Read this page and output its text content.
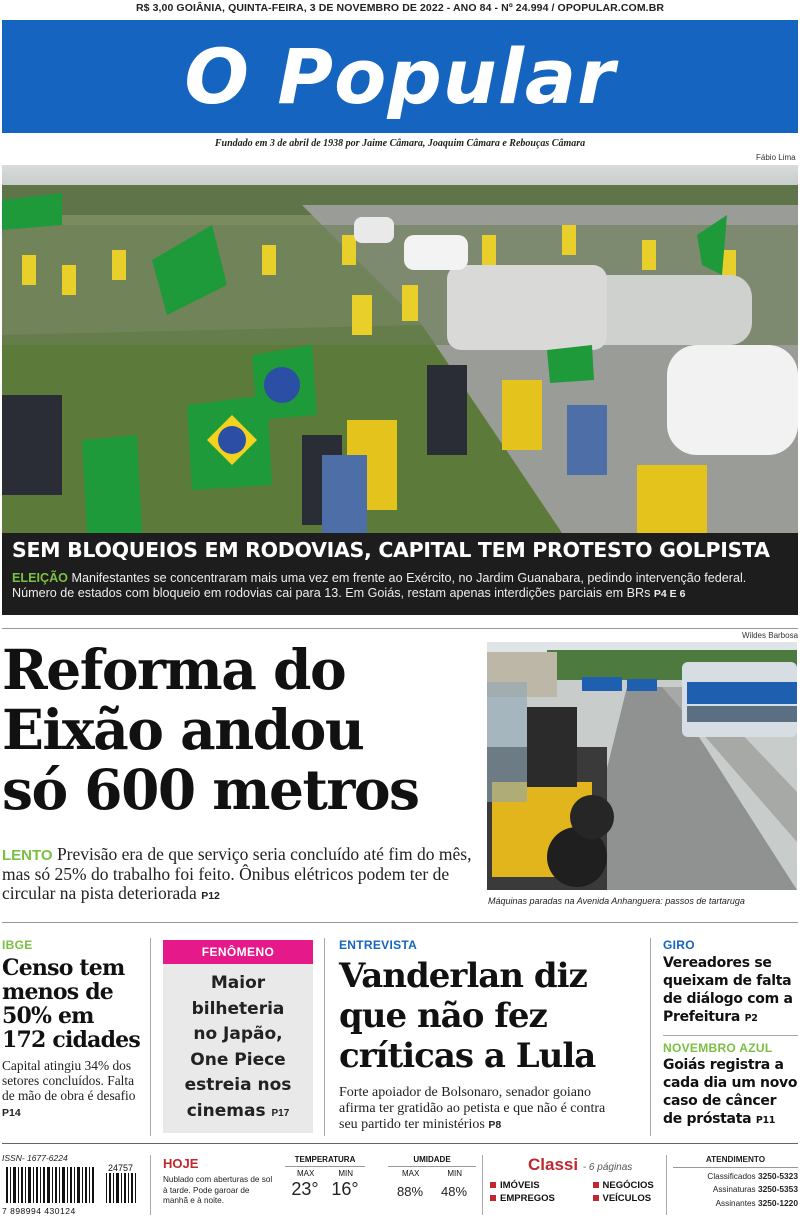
R$ 3,00 GOIÂNIA, QUINTA-FEIRA, 3 DE NOVEMBRO DE 2022 - ANO 84 - Nº 24.994 / OPOPULAR.COM.BR
O Popular
Fundado em 3 de abril de 1938 por Jaime Câmara, Joaquim Câmara e Rebouças Câmara
Fábio Lima
SEM BLOQUEIOS EM RODOVIAS, CAPITAL TEM PROTESTO GOLPISTA
ELEIÇÃO Manifestantes se concentraram mais uma vez em frente ao Exército, no Jardim Guanabara, pedindo intervenção federal. Número de estados com bloqueio em rodovias cai para 13. Em Goiás, restam apenas interdições parciais em BRs P4 E 6
Reforma do
Eixão andou
só 600 metros
LENTO Previsão era de que serviço seria concluído até fim do mês, mas só 25% do trabalho foi feito. Ônibus elétricos podem ter de circular na pista deteriorada P12
Wildes Barbosa
Máquinas paradas na Avenida Anhanguera: passos de tartaruga
IBGE
Censo tem
menos de
50% em
172 cidades
Capital atingiu 34% dos setores concluídos. Falta de mão de obra é desafio P14
FENÔMENO
Maior
bilheteria
no Japão,
One Piece
estreia nos
cinemas P17
ENTREVISTA
Vanderlan diz
que não fez
críticas a Lula
Forte apoiador de Bolsonaro, senador goiano afirma ter gratidão ao petista e que não é contra seu partido ter ministérios P8
GIRO
Vereadores se queixam de falta de diálogo com a Prefeitura P2
NOVEMBRO AZUL
Goiás registra a cada dia um novo caso de câncer de próstata P11
ISSN- 1677-6224
24757
7 898994 430124
HOJE
Nublado com aberturas de sol à tarde. Pode garoar de manhã e à noite.
TEMPERATURA
MAX	MIN
23° 16°
UMIDADE
MAX	MIN
88% 48%
Classi - 6 páginas
IMÓVEIS	NEGÓCIOS
EMPREGOS	VEÍCULOS
ATENDIMENTO
Classificados 3250-5323
Assinaturas 3250-5353
Assinantes 3250-1220
